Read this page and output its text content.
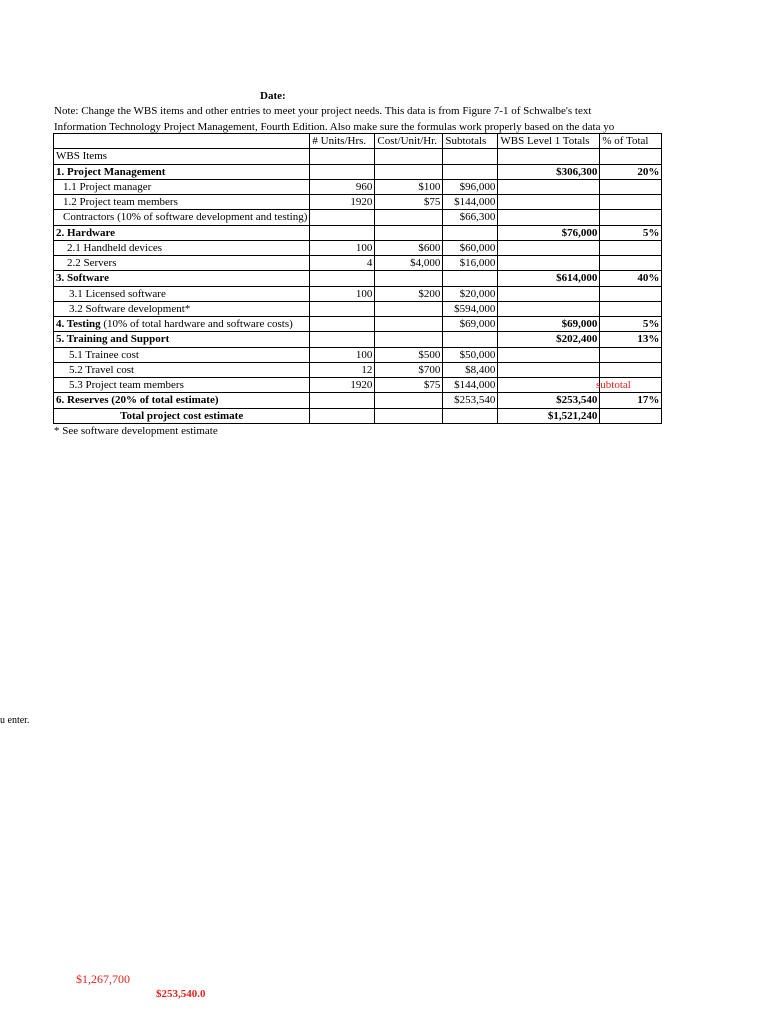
Date:
Note: Change the WBS items and other entries to meet your project needs. This data is from Figure 7-1 of Schwalbe's text
Information Technology Project Management, Fourth Edition. Also make sure the formulas work properly based on the data yo
	# Units/Hrs.	Cost/Unit/Hr.	Subtotals	WBS Level 1 Totals	% of Total
WBS Items					
1. Project Management				$306,300	20%
1.1 Project manager	960	$100	$96,000		
1.2 Project team members	1920	$75	$144,000		
Contractors (10% of software development and testing)			$66,300		
2. Hardware				$76,000	5%
2.1 Handheld devices	100	$600	$60,000		
2.2 Servers	4	$4,000	$16,000		
3. Software				$614,000	40%
3.1 Licensed software	100	$200	$20,000		
3.2 Software development*			$594,000		
4. Testing (10% of total hardware and software costs)			$69,000	$69,000	5%
5. Training and Support				$202,400	13%
5.1 Trainee cost	100	$500	$50,000		
5.2 Travel cost	12	$700	$8,400		
5.3 Project team members	1920	$75	$144,000		
6. Reserves (20% of total estimate)			$253,540	$253,540	17%
Total project cost estimate				$1,521,240	
subtotal
* See software development estimate
u enter.
$1,267,700
$253,540.0
